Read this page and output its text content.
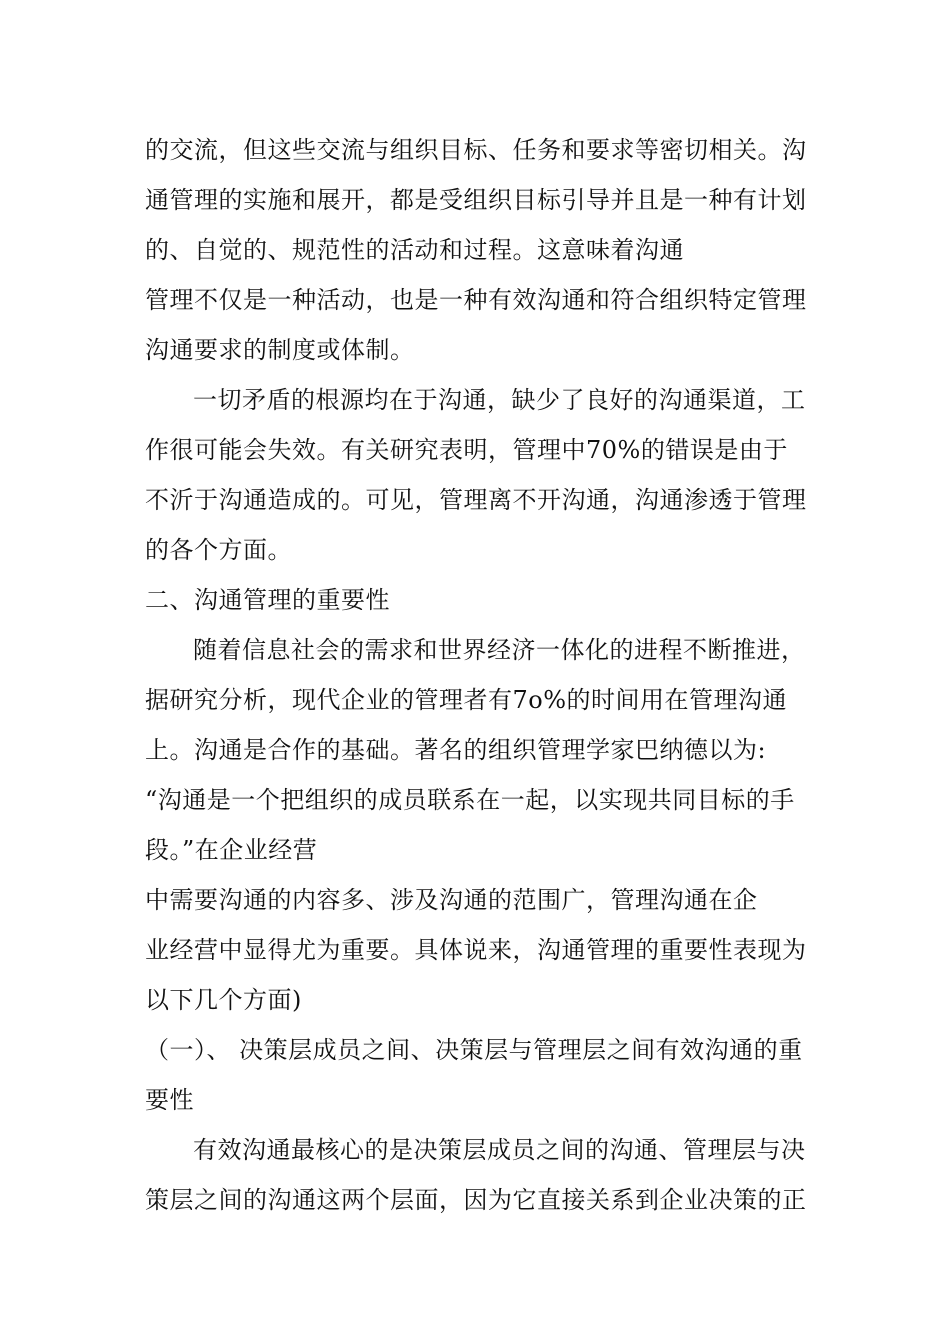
的交流，但这些交流与组织目标、任务和要求等密切相关。沟
通管理的实施和展开，都是受组织目标引导并且是一种有计划
的、自觉的、规范性的活动和过程。这意味着沟通
管理不仅是一种活动，也是一种有效沟通和符合组织特定管理
沟通要求的制度或体制。
一切矛盾的根源均在于沟通，缺少了良好的沟通渠道，工
作很可能会失效。有关研究表明，管理中70%的错误是由于
不沂于沟通造成的。可见，管理离不开沟通，沟通渗透于管理
的各个方面。
二、沟通管理的重要性
随着信息社会的需求和世界经济一体化的进程不断推进，
据研究分析，现代企业的管理者有7o%的时间用在管理沟通
上。沟通是合作的基础。著名的组织管理学家巴纳德以为:
“沟通是一个把组织的成员联系在一起，以实现共同目标的手
段。”在企业经营
中需要沟通的内容多、涉及沟通的范围广，管理沟通在企
业经营中显得尤为重要。具体说来，沟通管理的重要性表现为
以下几个方面)
（一）、 决策层成员之间、决策层与管理层之间有效沟通的重
要性
有效沟通最核心的是决策层成员之间的沟通、管理层与决
策层之间的沟通这两个层面，因为它直接关系到企业决策的正
